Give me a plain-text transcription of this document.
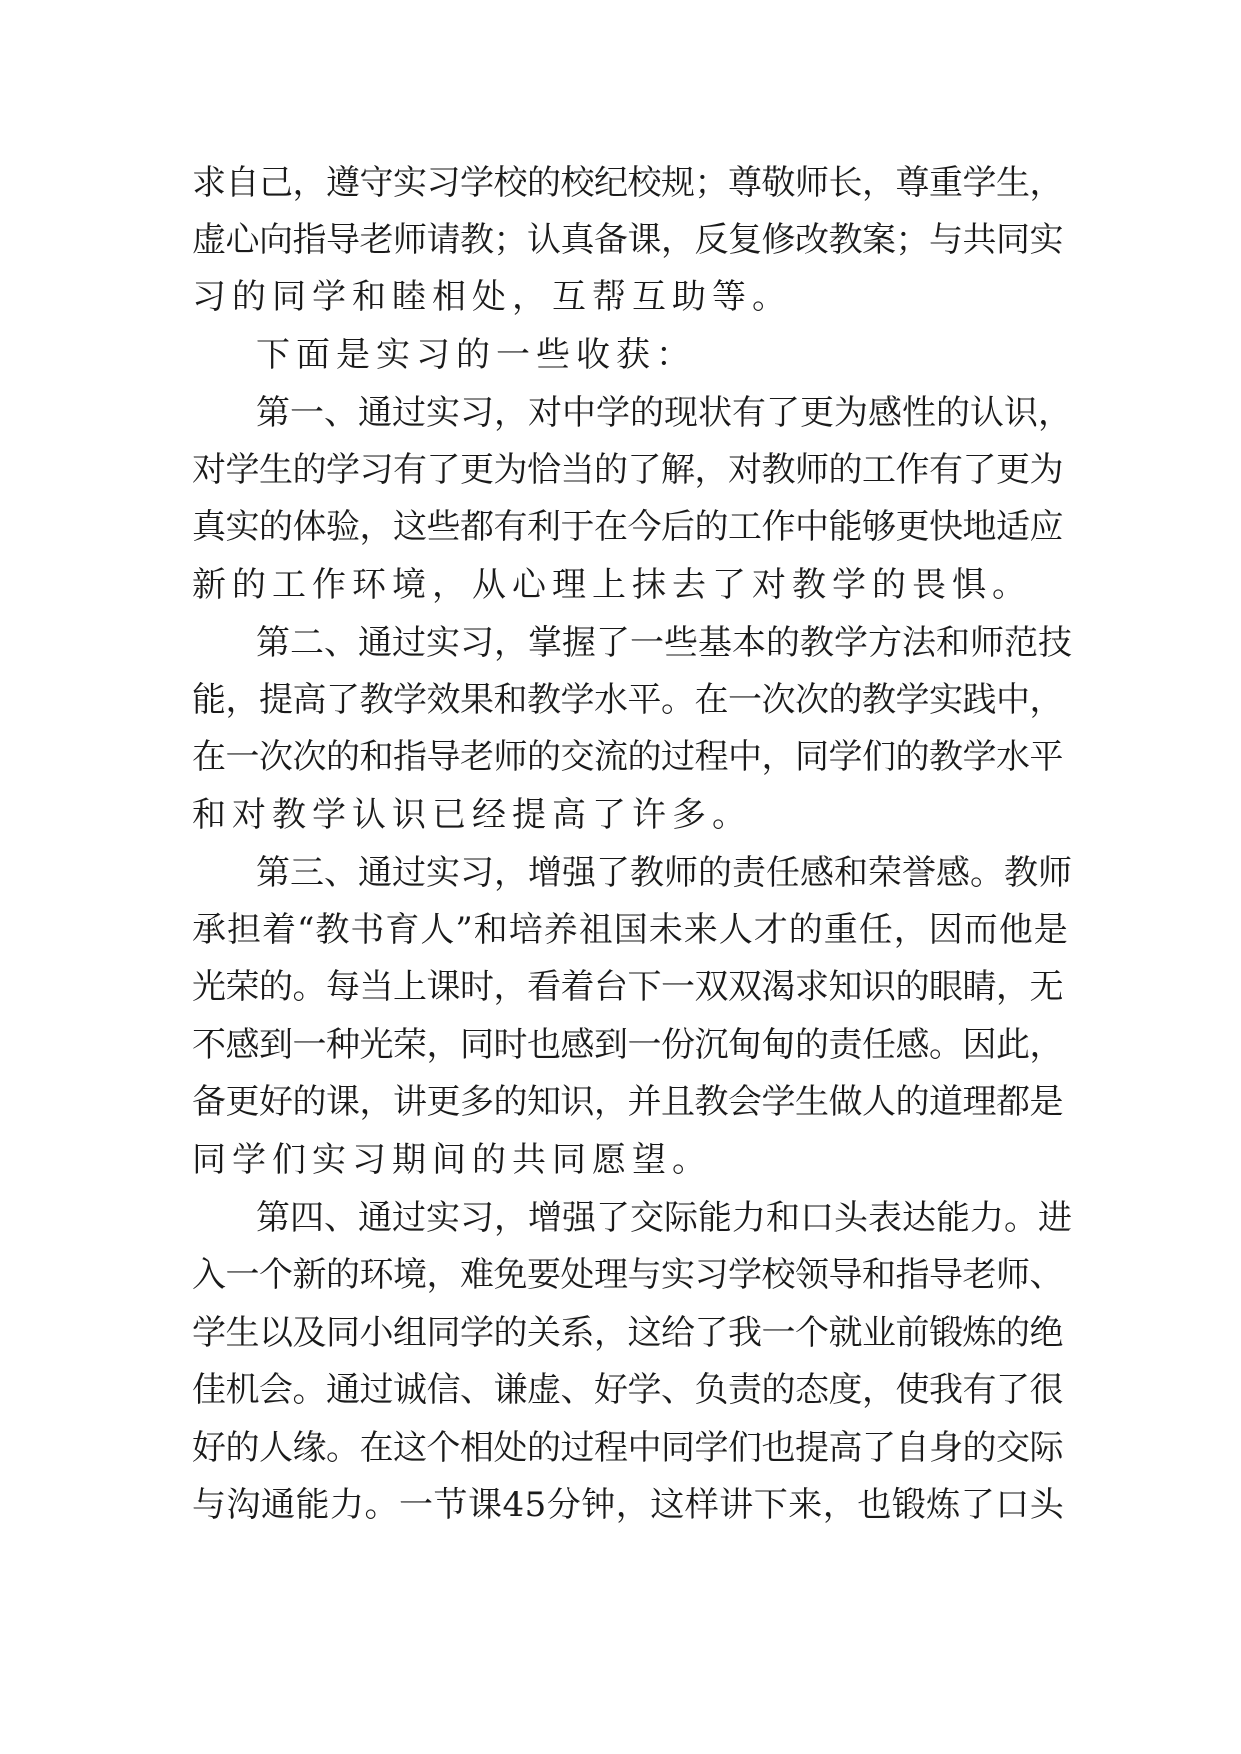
求自己，遵守实习学校的校纪校规；尊敬师长，尊重学生，
虚心向指导老师请教；认真备课，反复修改教案；与共同实
习的同学和睦相处，互帮互助等。
下面是实习的一些收获：
第一、通过实习，对中学的现状有了更为感性的认识，
对学生的学习有了更为恰当的了解，对教师的工作有了更为
真实的体验，这些都有利于在今后的工作中能够更快地适应
新的工作环境，从心理上抹去了对教学的畏惧。
第二、通过实习，掌握了一些基本的教学方法和师范技
能，提高了教学效果和教学水平。在一次次的教学实践中，
在一次次的和指导老师的交流的过程中，同学们的教学水平
和对教学认识已经提高了许多。
第三、通过实习，增强了教师的责任感和荣誉感。教师
承担着“教书育人”和培养祖国未来人才的重任，因而他是
光荣的。每当上课时，看着台下一双双渴求知识的眼睛，无
不感到一种光荣，同时也感到一份沉甸甸的责任感。因此，
备更好的课，讲更多的知识，并且教会学生做人的道理都是
同学们实习期间的共同愿望。
第四、通过实习，增强了交际能力和口头表达能力。进
入一个新的环境，难免要处理与实习学校领导和指导老师、
学生以及同小组同学的关系，这给了我一个就业前锻炼的绝
佳机会。通过诚信、谦虚、好学、负责的态度，使我有了很
好的人缘。在这个相处的过程中同学们也提高了自身的交际
与沟通能力。一节课45分钟，这样讲下来，也锻炼了口头
